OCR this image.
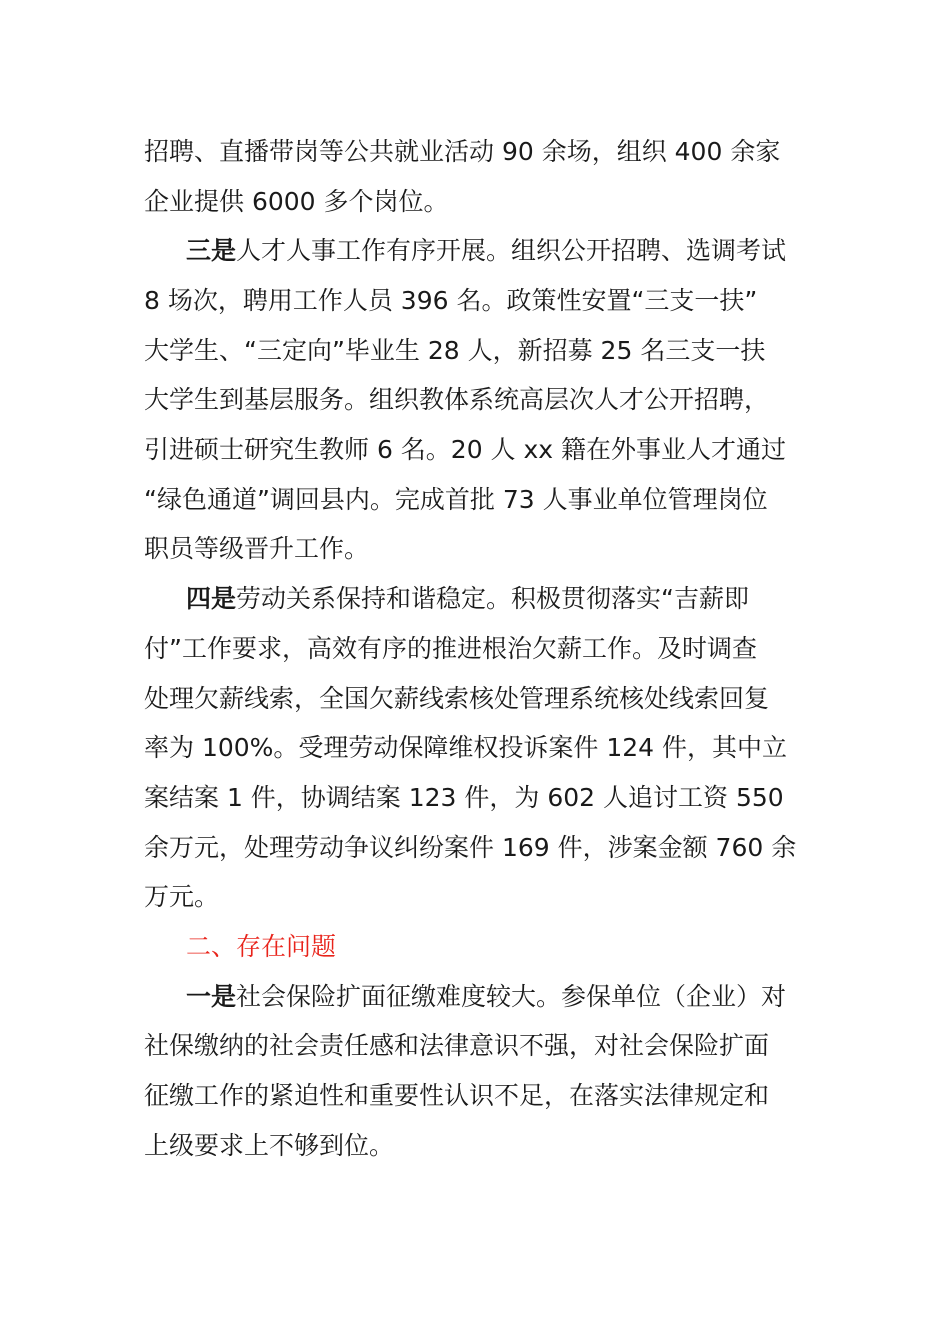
招聘、直播带岗等公共就业活动 90 余场，组织 400 余家
企业提供 6000 多个岗位。
三是人才人事工作有序开展。组织公开招聘、选调考试
8 场次，聘用工作人员 396 名。政策性安置“三支一扶”
大学生、“三定向”毕业生 28 人，新招募 25 名三支一扶
大学生到基层服务。组织教体系统高层次人才公开招聘，
引进硕士研究生教师 6 名。20 人 xx 籍在外事业人才通过
“绿色通道”调回县内。完成首批 73 人事业单位管理岗位
职员等级晋升工作。
四是劳动关系保持和谐稳定。积极贯彻落实“吉薪即
付”工作要求，高效有序的推进根治欠薪工作。及时调查
处理欠薪线索，全国欠薪线索核处管理系统核处线索回复
率为 100%。受理劳动保障维权投诉案件 124 件，其中立
案结案 1 件，协调结案 123 件，为 602 人追讨工资 550
余万元，处理劳动争议纠纷案件 169 件，涉案金额 760 余
万元。
二、存在问题
一是社会保险扩面征缴难度较大。参保单位（企业）对
社保缴纳的社会责任感和法律意识不强，对社会保险扩面
征缴工作的紧迫性和重要性认识不足，在落实法律规定和
上级要求上不够到位。
